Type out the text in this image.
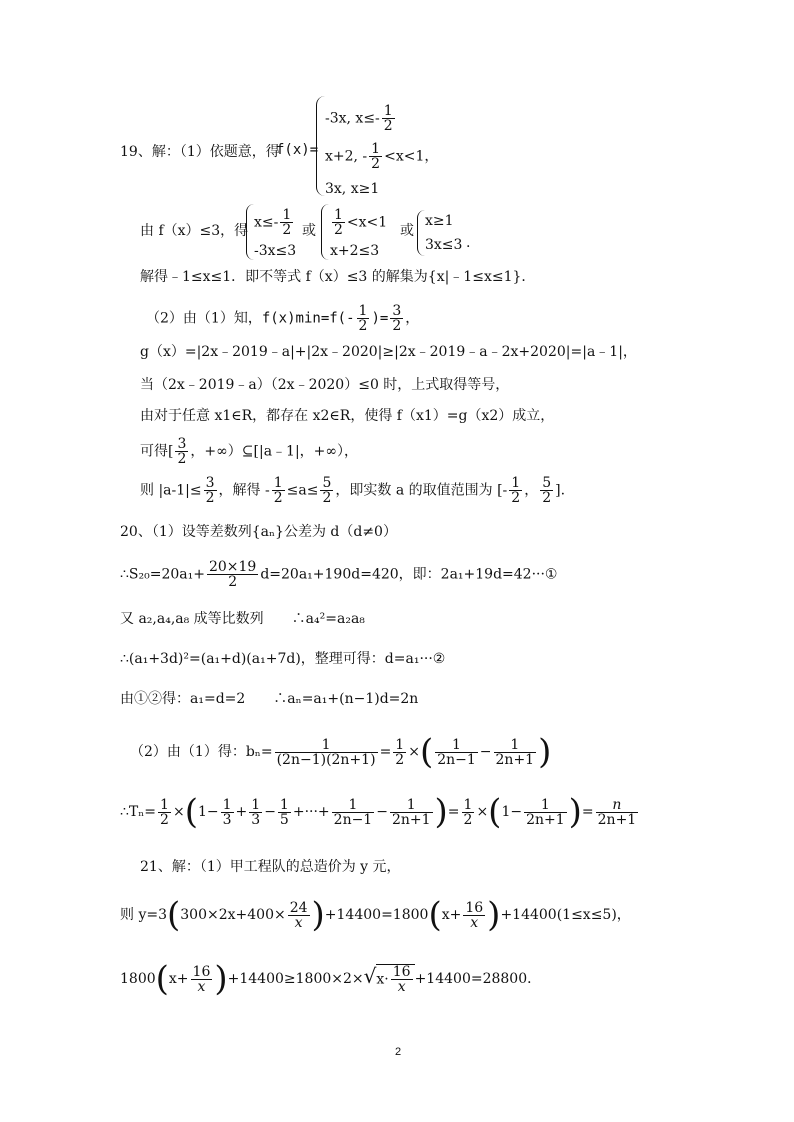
19、解：（1）依题意，得
f(x)=
-3x, $x\le- \frac{1}{2}$
x+2, - $\frac{1}{2} <x<1$，
3x, x≥1
由 f（x）≤3，得
$x\le- \frac{1}{2}$
-3x≤3
或 $\frac{1}{2} <x<1$
x+2≤3
或
x≥1
3x≤3 .
解得﹣1≤x≤1．即不等式 f（x）≤3 的解集为{x|﹣1≤x≤1}．
（2）由（1）知，$f(x)\min=f(- \frac{1}{2}$ )= $\frac{3}{2}$ ，
g（x）=|2x﹣2019﹣a|+|2x﹣2020|≥|2x﹣2019﹣a﹣2x+2020|=|a﹣1|，
当（2x﹣2019﹣a）（2x﹣2020）≤0 时，上式取得等号，
由对于任意 x1∈R，都存在 x2∈R，使得 f（x1）=g（x2）成立，
可得[ $\frac{3}{2}$ ，+∞）⊆[|a﹣1|，+∞），
则 $|a-1|\le \frac{3}{2}$ ，解得 - $\frac{1}{2} \le a\le \frac{5}{2}$ ，即实数 a 的取值范围为 [- $\frac{1}{2}$ ， $\frac{5}{2}$ ].
20、（1）设等差数列{aₙ}公差为 d（d≠0）
∴S₂₀=20a₁+ $\frac{20\times 19}{2} d=20a_1+190d=420$，即：2a₁+19d=42···①
又 a₂,a₄,a₈ 成等比数列　　∴a₄²=a₂a₈
∴(a₁+3d)²=(a₁+d)(a₁+7d)，整理可得：d=a₁···②
由①②得：a₁=d=2　　∴aₙ=a₁+(n−1)d=2n
（2）由（1）得：$b_n= \frac{1}{(2n-1)(2n+1)} = \frac{1}{2}$ ×( $\frac{1}{2n-1} - \frac{1}{2n+1}$ )
∴Tₙ= $\frac{1}{2} \times(1- \frac{1}{3} + \frac{1}{3} - \frac{1}{5}$ +···+ $\frac{1}{2n-1} - \frac{1}{2n+1}$ )= $\frac{1}{2} \times(1- \frac{1}{2n+1}$ )= $\frac{n}{2n+1}$
21、解：（1）甲工程队的总造价为 y 元，
则 $y=3(300\times 2x+400\times \frac{24}{x} )+14400=1800(x+ \frac{16}{x} )+14400(1\le x\le 5)$，
$1800(x+ \frac{16}{x} )+14400\ge 1800\times 2\times√x\cdot \frac{16}{x} +14400=28800$．
2
